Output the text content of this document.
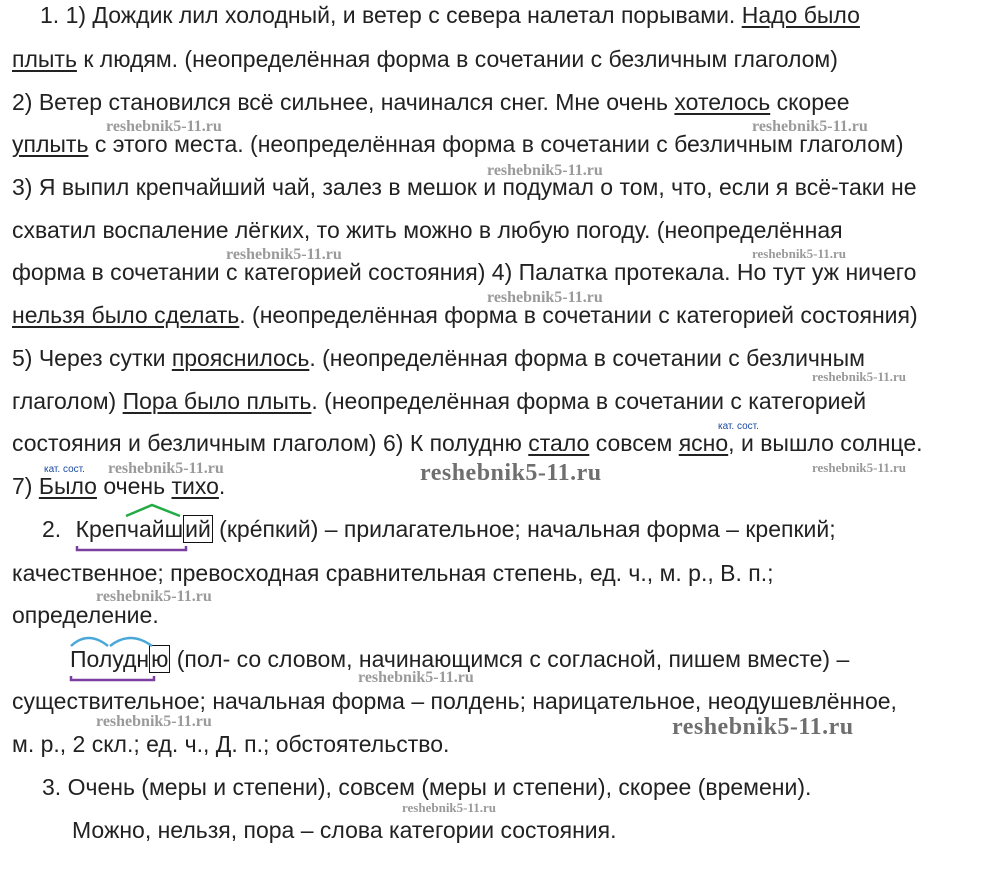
1. 1) Дождик лил холодный, и ветер с севера налетал порывами. Надо было
плыть к людям. (неопределённая форма в сочетании с безличным глаголом)
2) Ветер становился всё сильнее, начинался снег. Мне очень хотелось скорее
уплыть с этого места. (неопределённая форма в сочетании с безличным глаголом)
3) Я выпил крепчайший чай, залез в мешок и подумал о том, что, если я всё-таки не
схватил воспаление лёгких, то жить можно в любую погоду. (неопределённая
форма в сочетании с категорией состояния) 4) Палатка протекала. Но тут уж ничего
нельзя было сделать. (неопределённая форма в сочетании с категорией состояния)
5) Через сутки прояснилось. (неопределённая форма в сочетании с безличным
глаголом) Пора было плыть. (неопределённая форма в сочетании с категорией
состояния и безличным глаголом) 6) К полудню стало совсем ясно, и вышло солнце.
7) Было очень тихо.
кат. сост.
кат. сост.
2. Крепчайший (крéпкий) – прилагательное; начальная форма – крепкий;
качественное; превосходная сравнительная степень, ед. ч., м. р., В. п.;
определение.
Полудню (пол- со словом, начинающимся с согласной, пишем вместе) –
существительное; начальная форма – полдень; нарицательное, неодушевлённое,
м. р., 2 скл.; ед. ч., Д. п.; обстоятельство.
3. Очень (меры и степени), совсем (меры и степени), скорее (времени).
Можно, нельзя, пора – слова категории состояния.
reshebnik5-11.ru	reshebnik5-11.ru
reshebnik5-11.ru
reshebnik5-11.ru	reshebnik5-11.ru
reshebnik5-11.ru
reshebnik5-11.ru
reshebnik5-11.ru	reshebnik5-11.ru	reshebnik5-11.ru
reshebnik5-11.ru
reshebnik5-11.ru
reshebnik5-11.ru	reshebnik5-11.ru
reshebnik5-11.ru
